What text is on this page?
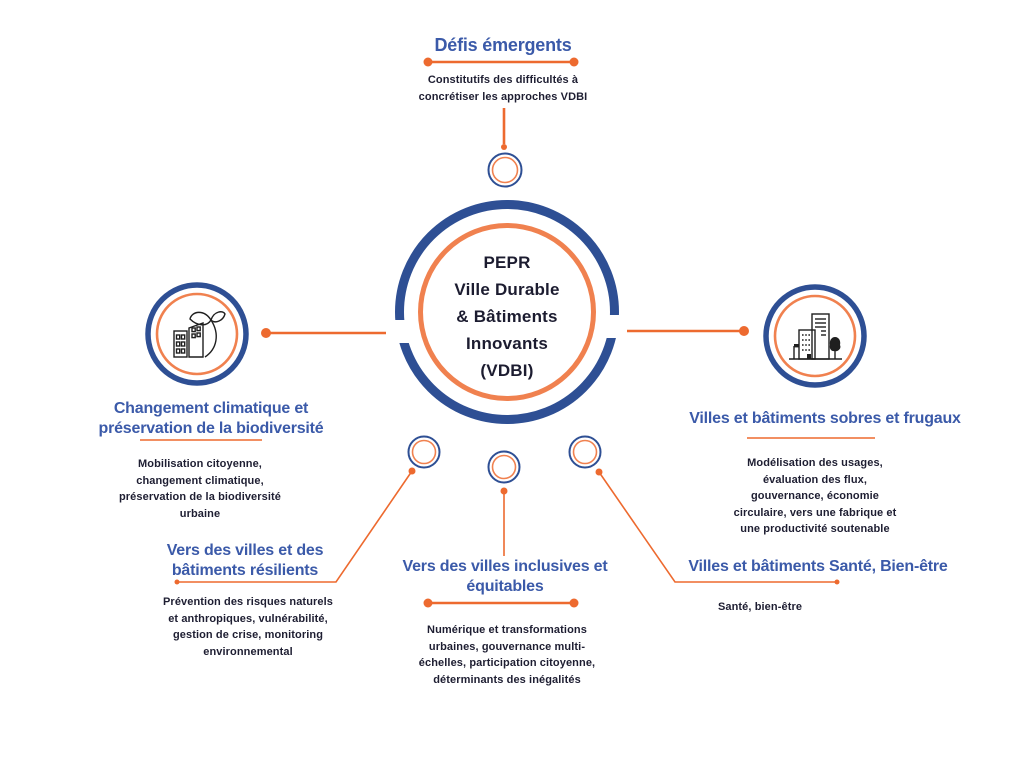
PEPR
Ville Durable
& Bâtiments
Innovants
(VDBI)
Défis émergents
Constitutifs des difficultés à
concrétiser les approches VDBI
Changement climatique et
préservation de la biodiversité
Mobilisation citoyenne,
changement climatique,
préservation de la biodiversité
urbaine
Villes et bâtiments sobres et frugaux
Modélisation des usages,
évaluation des flux,
gouvernance, économie
circulaire, vers une fabrique et
une productivité soutenable
Vers des villes et des
bâtiments résilients
Prévention des risques naturels
et anthropiques, vulnérabilité,
gestion de crise, monitoring
environnemental
Vers des villes inclusives et
équitables
Numérique et transformations
urbaines, gouvernance multi-
échelles, participation citoyenne,
déterminants des inégalités
Villes et bâtiments Santé, Bien-être
Santé, bien-être
